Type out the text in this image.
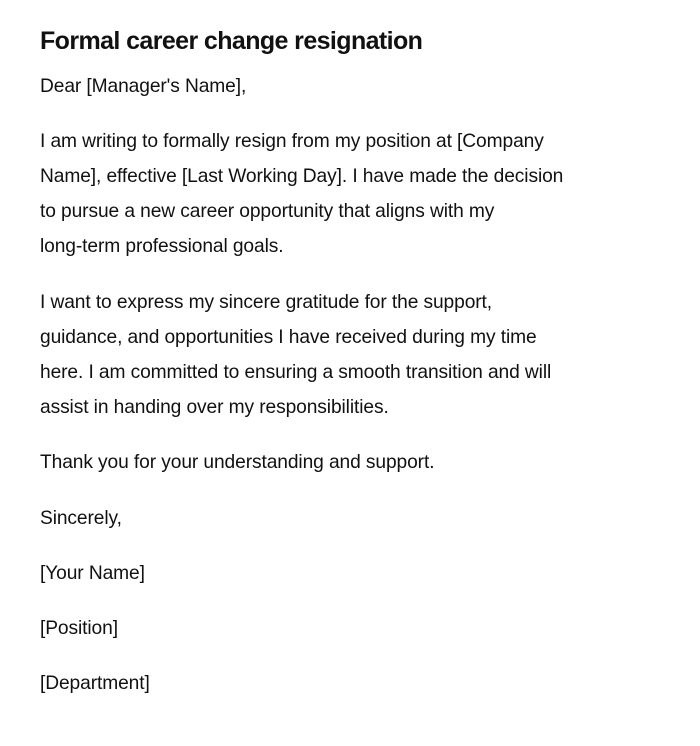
Formal career change resignation

Dear [Manager's Name],

I am writing to formally resign from my position at [Company
Name], effective [Last Working Day]. I have made the decision
to pursue a new career opportunity that aligns with my
long-term professional goals.

I want to express my sincere gratitude for the support,
guidance, and opportunities I have received during my time
here. I am committed to ensuring a smooth transition and will
assist in handing over my responsibilities.

Thank you for your understanding and support.

Sincerely,

[Your Name]

[Position]

[Department]
